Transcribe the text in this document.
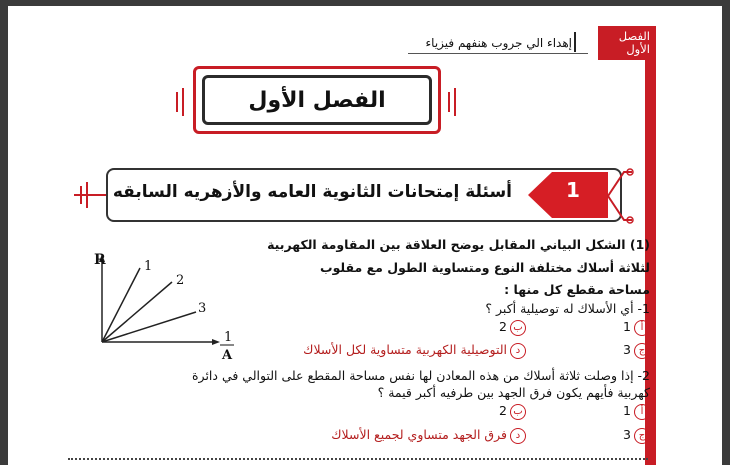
الفصل الأول
إهداء الي جروب هنفهم فيزياء
الفصل الأول
1
أسئلة إمتحانات الثانوية العامه والأزهريه السابقه
R	1
2
3
1
A
(1) الشكل البياني المقابل يوضح العلاقة بين المقاومة الكهربية
لثلاثة أسلاك مختلفة النوع ومتساوية الطول مع مقلوب
مساحة مقطع كل منها :
1- أي الأسلاك له توصيلية أكبر ؟
أ1
ب2
ج3
دالتوصيلية الكهربية متساوية لكل الأسلاك
2- إذا وصلت ثلاثة أسلاك من هذه المعادن لها نفس مساحة المقطع على التوالي في دائرة
كهربية فأيهم يكون فرق الجهد بين طرفيه أكبر قيمة ؟
أ1
ب2
ج3
دفرق الجهد متساوي لجميع الأسلاك
